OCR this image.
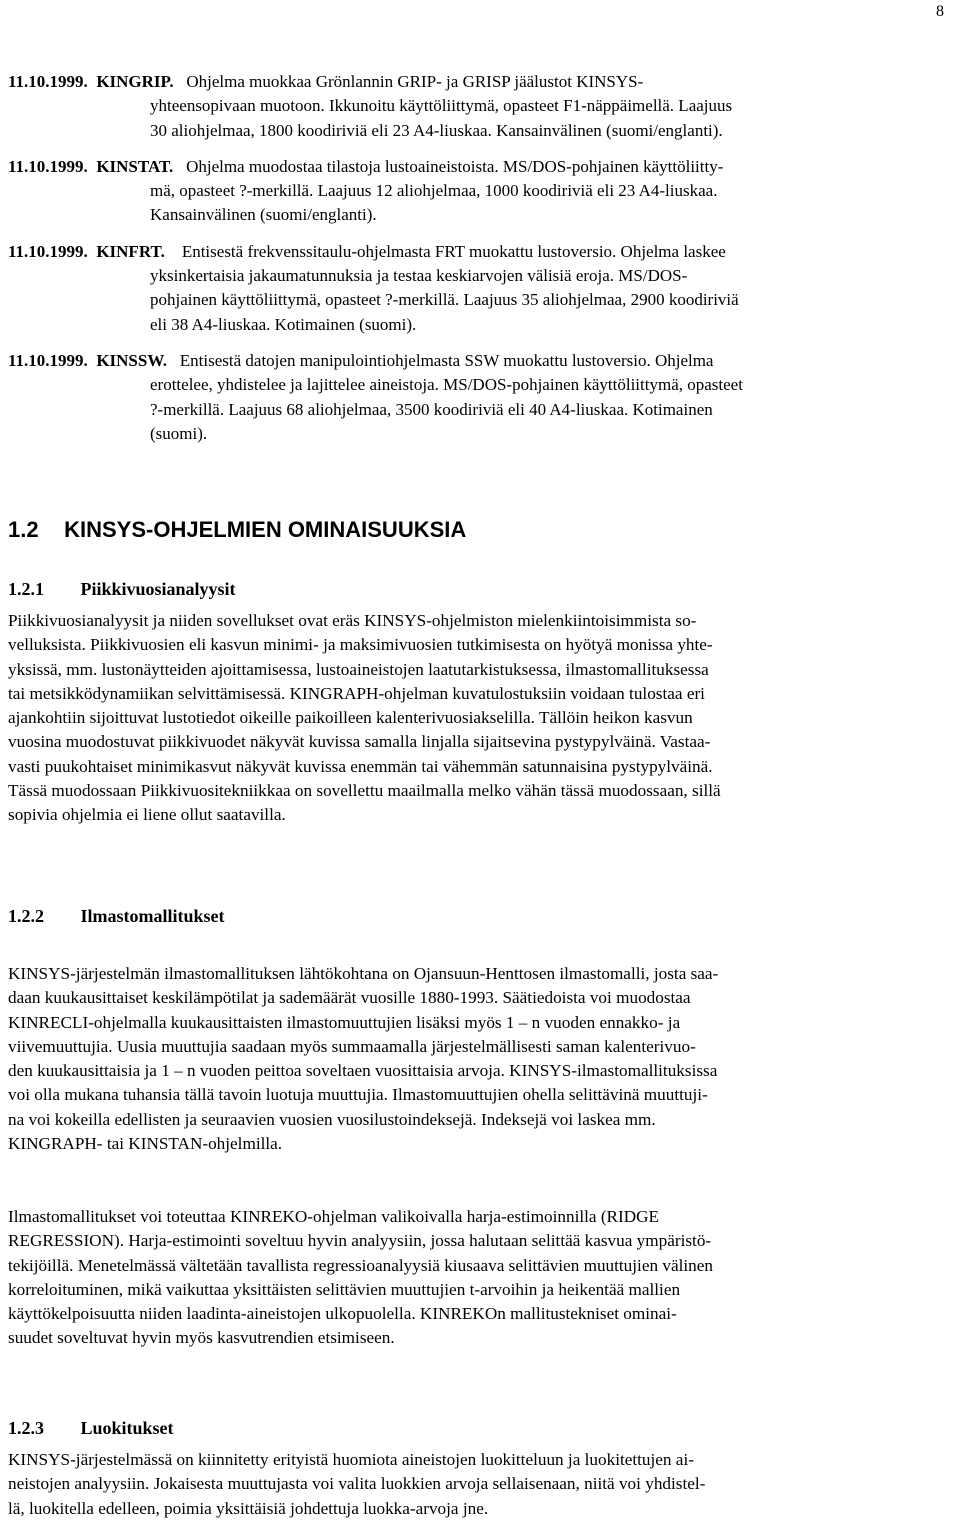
8
11.10.1999. KINGRIP. Ohjelma muokkaa Grönlannin GRIP- ja GRISP jäälustot KINSYS-
yhteensopivaan muotoon. Ikkunoitu käyttöliittymä, opasteet F1-näppäimellä. Laajuus
30 aliohjelmaa, 1800 koodiriviä eli 23 A4-liuskaa. Kansainvälinen (suomi/englanti).
11.10.1999. KINSTAT. Ohjelma muodostaa tilastoja lustoaineistoista. MS/DOS-pohjainen käyttöliitty-
mä, opasteet ?-merkillä. Laajuus 12 aliohjelmaa, 1000 koodiriviä eli 23 A4-liuskaa.
Kansainvälinen (suomi/englanti).
11.10.1999. KINFRT. Entisestä frekvenssitaulu-ohjelmasta FRT muokattu lustoversio. Ohjelma laskee
yksinkertaisia jakaumatunnuksia ja testaa keskiarvojen välisiä eroja. MS/DOS-
pohjainen käyttöliittymä, opasteet ?-merkillä. Laajuus 35 aliohjelmaa, 2900 koodiriviä
eli 38 A4-liuskaa. Kotimainen (suomi).
11.10.1999. KINSSW. Entisestä datojen manipulointiohjelmasta SSW muokattu lustoversio. Ohjelma
erottelee, yhdistelee ja lajittelee aineistoja. MS/DOS-pohjainen käyttöliittymä, opasteet
?-merkillä. Laajuus 68 aliohjelmaa, 3500 koodiriviä eli 40 A4-liuskaa. Kotimainen
(suomi).
1.2 KINSYS-OHJELMIEN OMINAISUUKSIA
1.2.1 Piikkivuosianalyysit
Piikkivuosianalyysit ja niiden sovellukset ovat eräs KINSYS-ohjelmiston mielenkiintoisimmista so-
velluksista. Piikkivuosien eli kasvun minimi- ja maksimivuosien tutkimisesta on hyötyä monissa yhte-
yksissä, mm. lustonäytteiden ajoittamisessa, lustoaineistojen laatutarkistuksessa, ilmastomallituksessa
tai metsikködynamiikan selvittämisessä. KINGRAPH-ohjelman kuvatulostuksiin voidaan tulostaa eri
ajankohtiin sijoittuvat lustotiedot oikeille paikoilleen kalenterivuosiakselilla. Tällöin heikon kasvun
vuosina muodostuvat piikkivuodet näkyvät kuvissa samalla linjalla sijaitsevina pystypylväinä. Vastaa-
vasti puukohtaiset minimikasvut näkyvät kuvissa enemmän tai vähemmän satunnaisina pystypylväinä.
Tässä muodossaan Piikkivuositekniikkaa on sovellettu maailmalla melko vähän tässä muodossaan, sillä
sopivia ohjelmia ei liene ollut saatavilla.
1.2.2 Ilmastomallitukset
KINSYS-järjestelmän ilmastomallituksen lähtökohtana on Ojansuun-Henttosen ilmastomalli, josta saa-
daan kuukausittaiset keskilämpötilat ja sademäärät vuosille 1880-1993. Säätiedoista voi muodostaa
KINRECLI-ohjelmalla kuukausittaisten ilmastomuuttujien lisäksi myös 1 – n vuoden ennakko- ja
viivemuuttujia. Uusia muuttujia saadaan myös summaamalla järjestelmällisesti saman kalenterivuo-
den kuukausittaisia ja 1 – n vuoden peittoa soveltaen vuosittaisia arvoja. KINSYS-ilmastomallituksissa
voi olla mukana tuhansia tällä tavoin luotuja muuttujia. Ilmastomuuttujien ohella selittävinä muuttuji-
na voi kokeilla edellisten ja seuraavien vuosien vuosilustoindeksejä. Indeksejä voi laskea mm.
KINGRAPH- tai KINSTAN-ohjelmilla.
Ilmastomallitukset voi toteuttaa KINREKO-ohjelman valikoivalla harja-estimoinnilla (RIDGE
REGRESSION). Harja-estimointi soveltuu hyvin analyysiin, jossa halutaan selittää kasvua ympäristö-
tekijöillä. Menetelmässä vältetään tavallista regressioanalyysiä kiusaava selittävien muuttujien välinen
korreloituminen, mikä vaikuttaa yksittäisten selittävien muuttujien t-arvoihin ja heikentää mallien
käyttökelpoisuutta niiden laadinta-aineistojen ulkopuolella. KINREKOn mallitustekniset ominai-
suudet soveltuvat hyvin myös kasvutrendien etsimiseen.
1.2.3 Luokitukset
KINSYS-järjestelmässä on kiinnitetty erityistä huomiota aineistojen luokitteluun ja luokitettujen ai-
neistojen analyysiin. Jokaisesta muuttujasta voi valita luokkien arvoja sellaisenaan, niitä voi yhdistel-
lä, luokitella edelleen, poimia yksittäisiä johdettuja luokka-arvoja jne.
